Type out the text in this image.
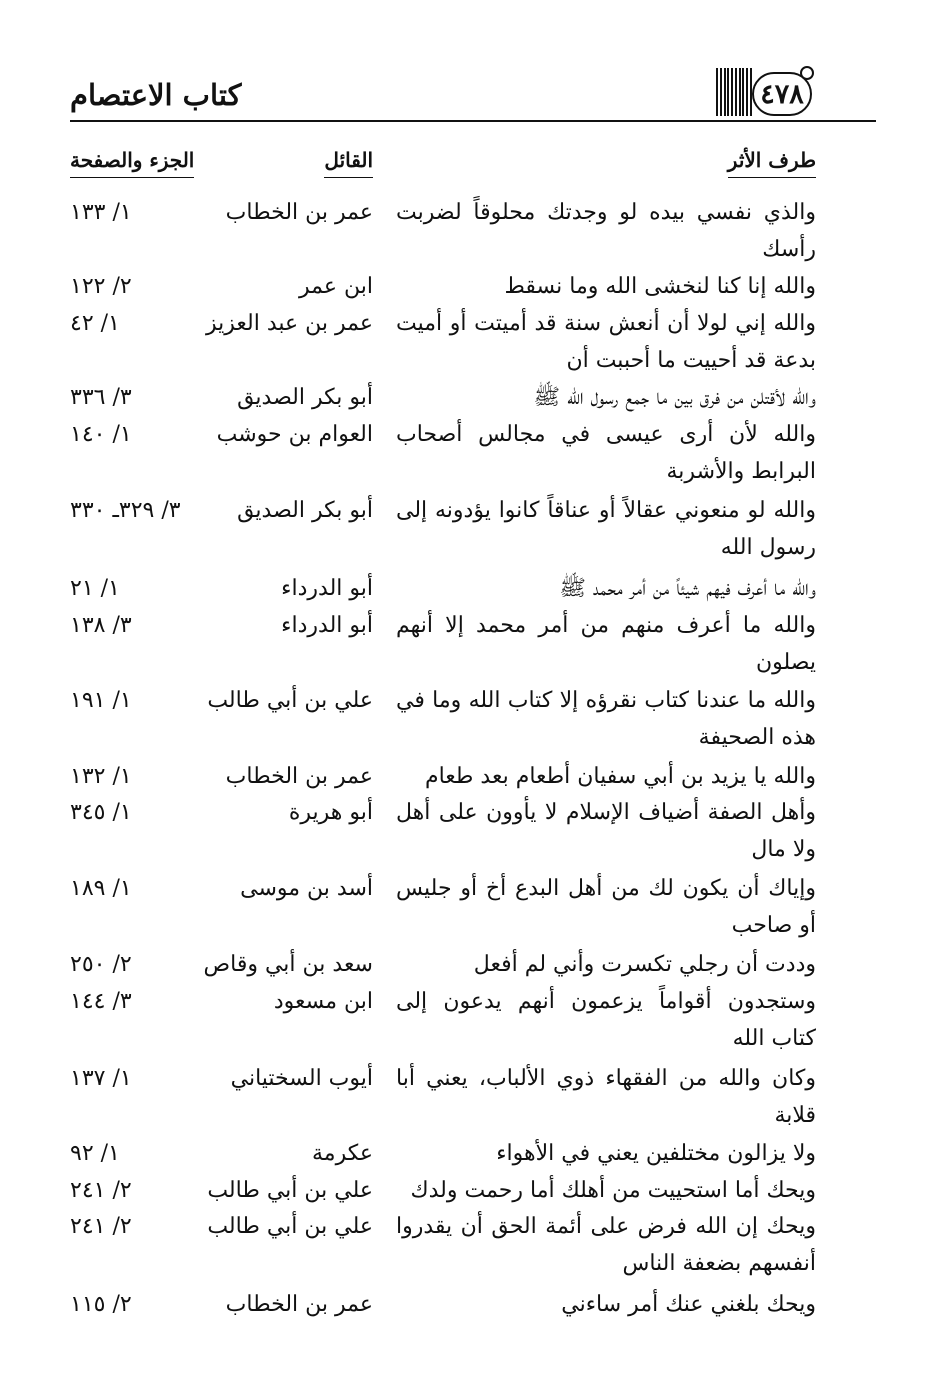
كتاب الاعتصام	٤٧٨
طرف الأثر
القائل
الجزء والصفحة
والذي نفسي بيده لو وجدتك محلوقاً لضربت رأسك
عمر بن الخطاب
١/ ١٣٣
والله إنا كنا لنخشى الله وما نسقط
ابن عمر
٢/ ١٢٢
والله إني لولا أن أنعش سنة قد أميتت أو أميت بدعة قد أحييت ما أحببت أن
عمر بن عبد العزيز
١/ ٤٢
والله لأقتلن من فرق بين ما جمع رسول الله ﷺ
أبو بكر الصديق
٣/ ٣٣٦
والله لأن أرى عيسى في مجالس أصحاب البرابط والأشربة
العوام بن حوشب
١/ ١٤٠
والله لو منعوني عقالاً أو عناقاً كانوا يؤدونه إلى رسول الله
أبو بكر الصديق
٣/ ٣٢٩ـ ٣٣٠
والله ما أعرف فيهم شيئاً من أمر محمد ﷺ
أبو الدرداء
١/ ٢١
والله ما أعرف منهم من أمر محمد إلا أنهم يصلون
أبو الدرداء
٣/ ١٣٨
والله ما عندنا كتاب نقرؤه إلا كتاب الله وما في هذه الصحيفة
علي بن أبي طالب
١/ ١٩١
والله يا يزيد بن أبي سفيان أطعام بعد طعام
عمر بن الخطاب
١/ ١٣٢
وأهل الصفة أضياف الإسلام لا يأوون على أهل ولا مال
أبو هريرة
١/ ٣٤٥
وإياك أن يكون لك من أهل البدع أخ أو جليس أو صاحب
أسد بن موسى
١/ ١٨٩
وددت أن رجلي تكسرت وأني لم أفعل
سعد بن أبي وقاص
٢/ ٢٥٠
وستجدون أقواماً يزعمون أنهم يدعون إلى كتاب الله
ابن مسعود
٣/ ١٤٤
وكان والله من الفقهاء ذوي الألباب، يعني أبا قلابة
أيوب السختياني
١/ ١٣٧
ولا يزالون مختلفين يعني في الأهواء
عكرمة
١/ ٩٢
ويحك أما استحييت من أهلك أما رحمت ولدك
علي بن أبي طالب
٢/ ٢٤١
ويحك إن الله فرض على أئمة الحق أن يقدروا أنفسهم بضعفة الناس
علي بن أبي طالب
٢/ ٢٤١
ويحك بلغني عنك أمر ساءني
عمر بن الخطاب
٢/ ١١٥
